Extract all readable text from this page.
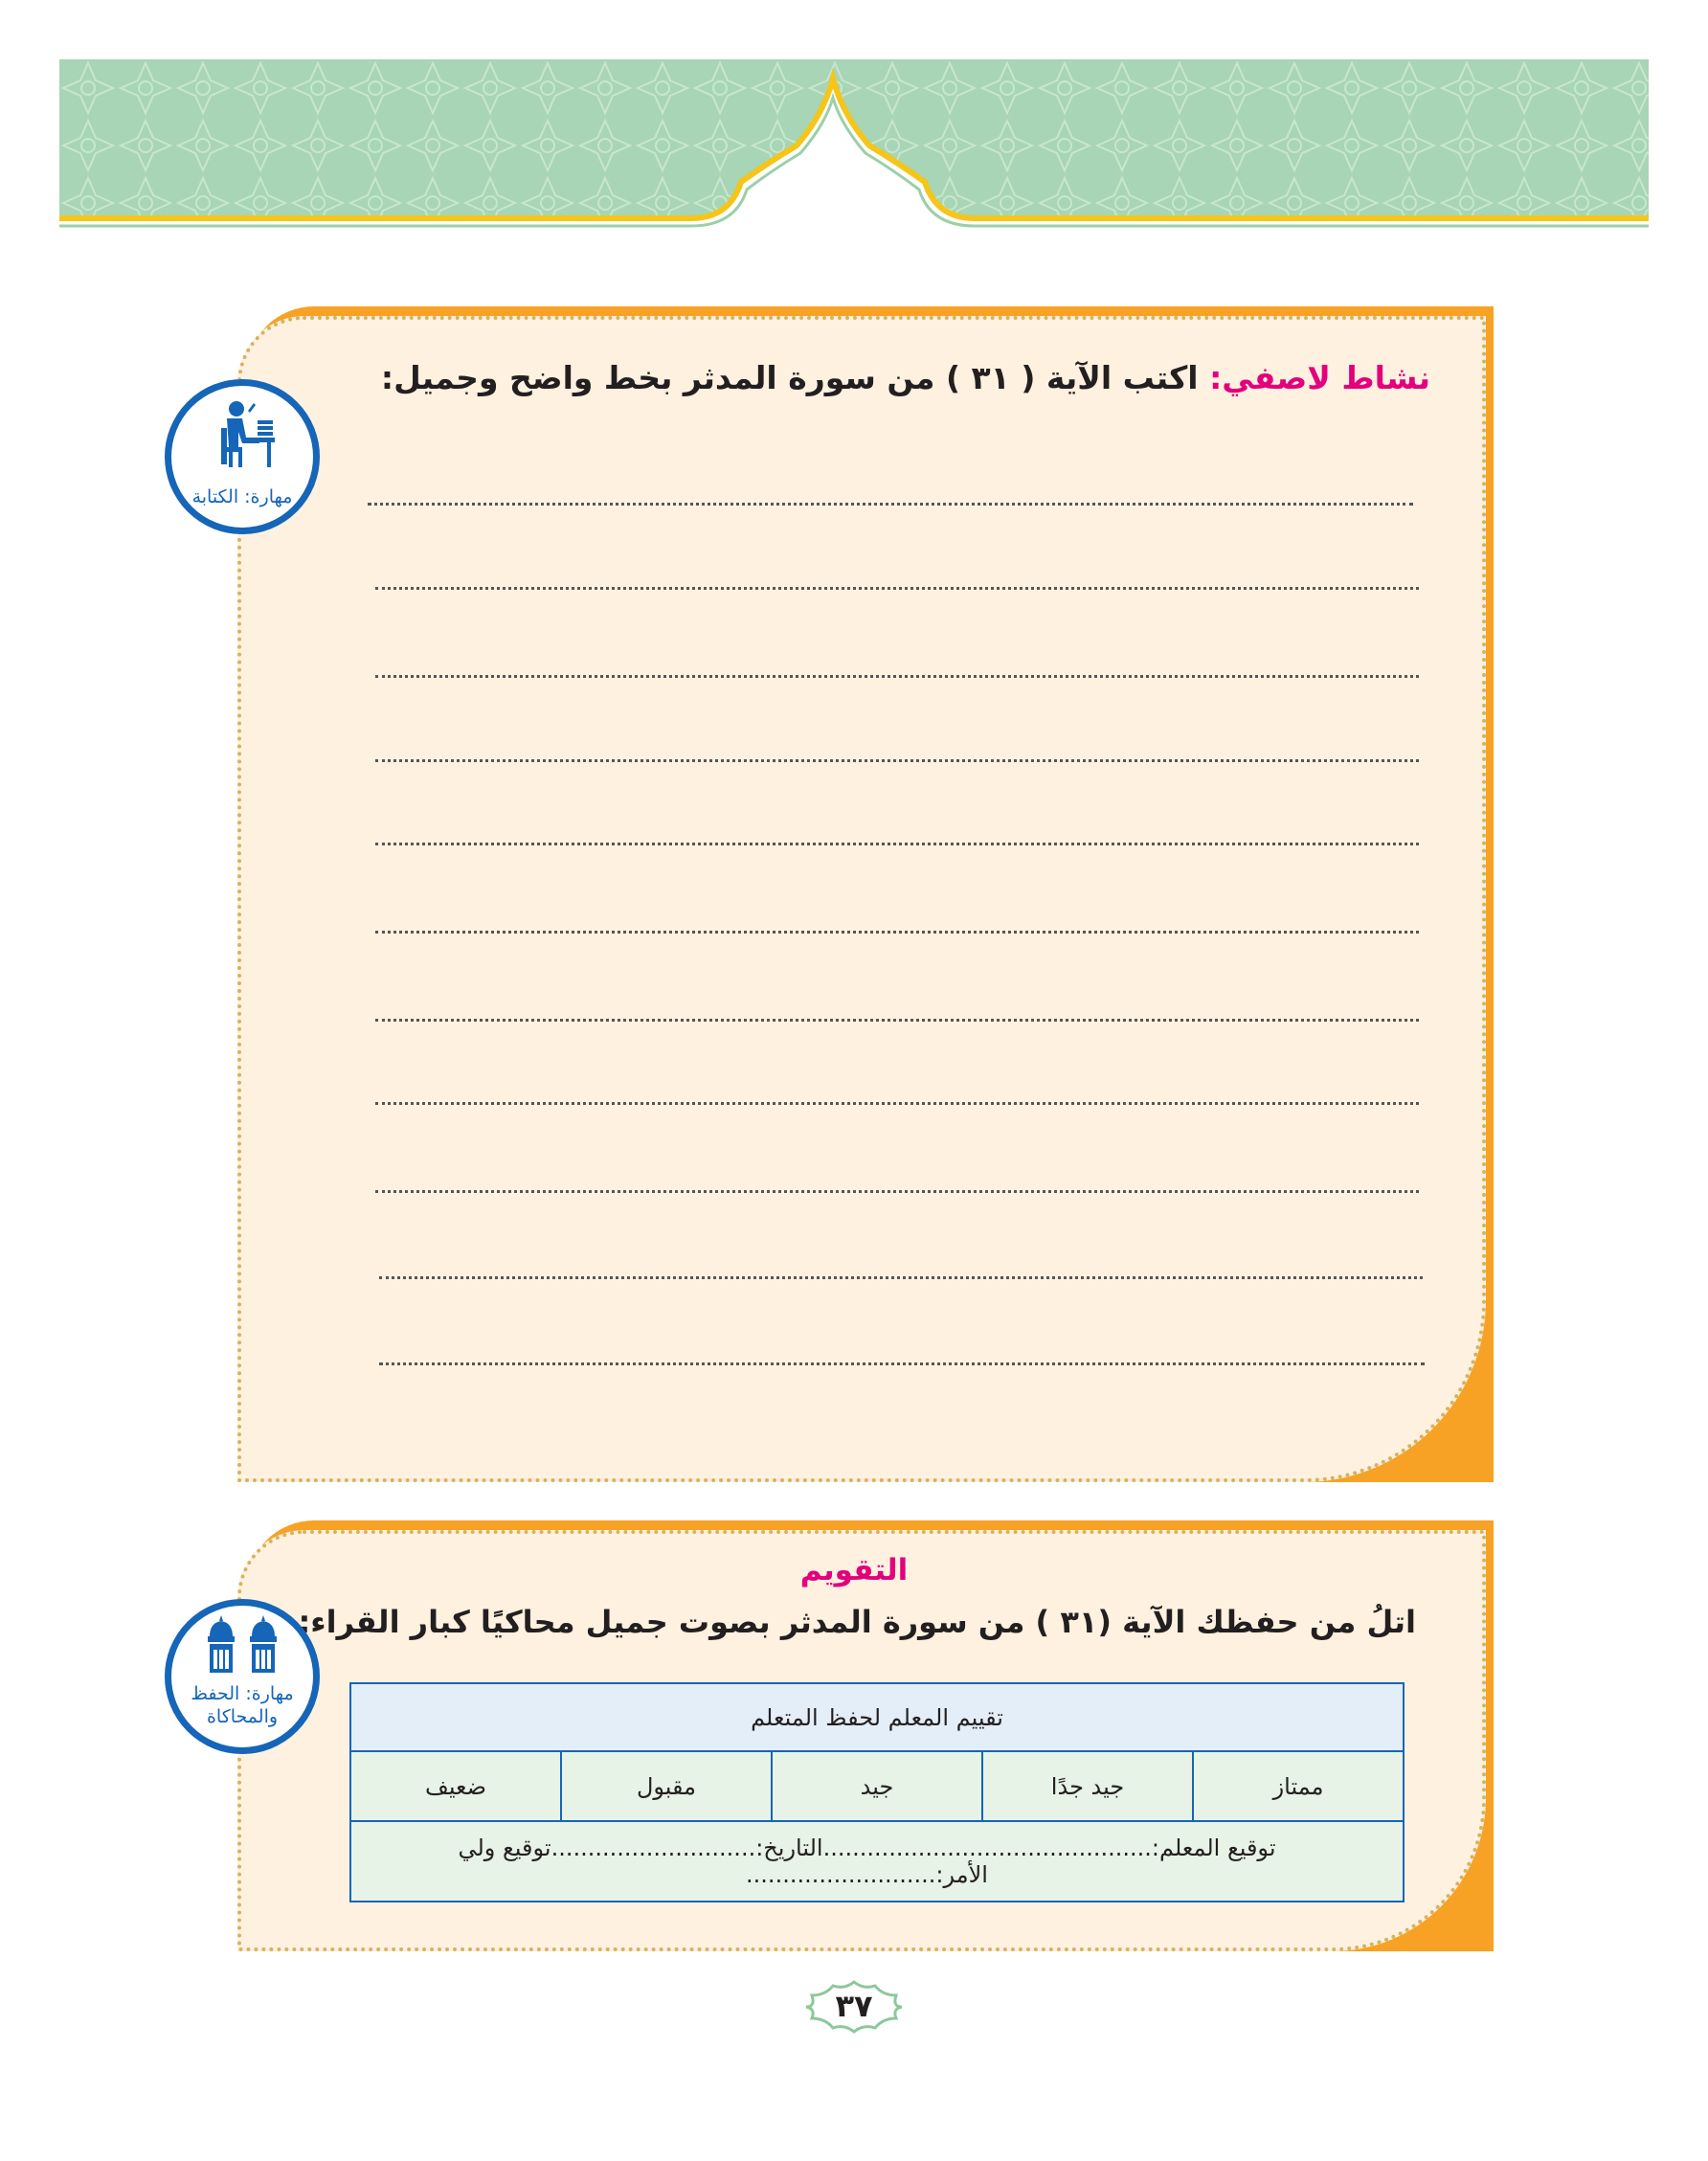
نشاط لاصفي: اكتب الآية ( ٣١ ) من سورة المدثر بخط واضح وجميل:
مهارة: الكتابة
التقويم
اتلُ من حفظك الآية (٣١ ) من سورة المدثر بصوت جميل محاكيًا كبار القراء:
مهارة: الحفظ
والمحاكاة	تقييم المعلم لحفظ المتعلم
ممتاز	جيد جدًا	جيد	مقبول	ضعيف
توقيع المعلم:.............................................التاريخ:............................توقيع ولي الأمر:..........................
٣٧
